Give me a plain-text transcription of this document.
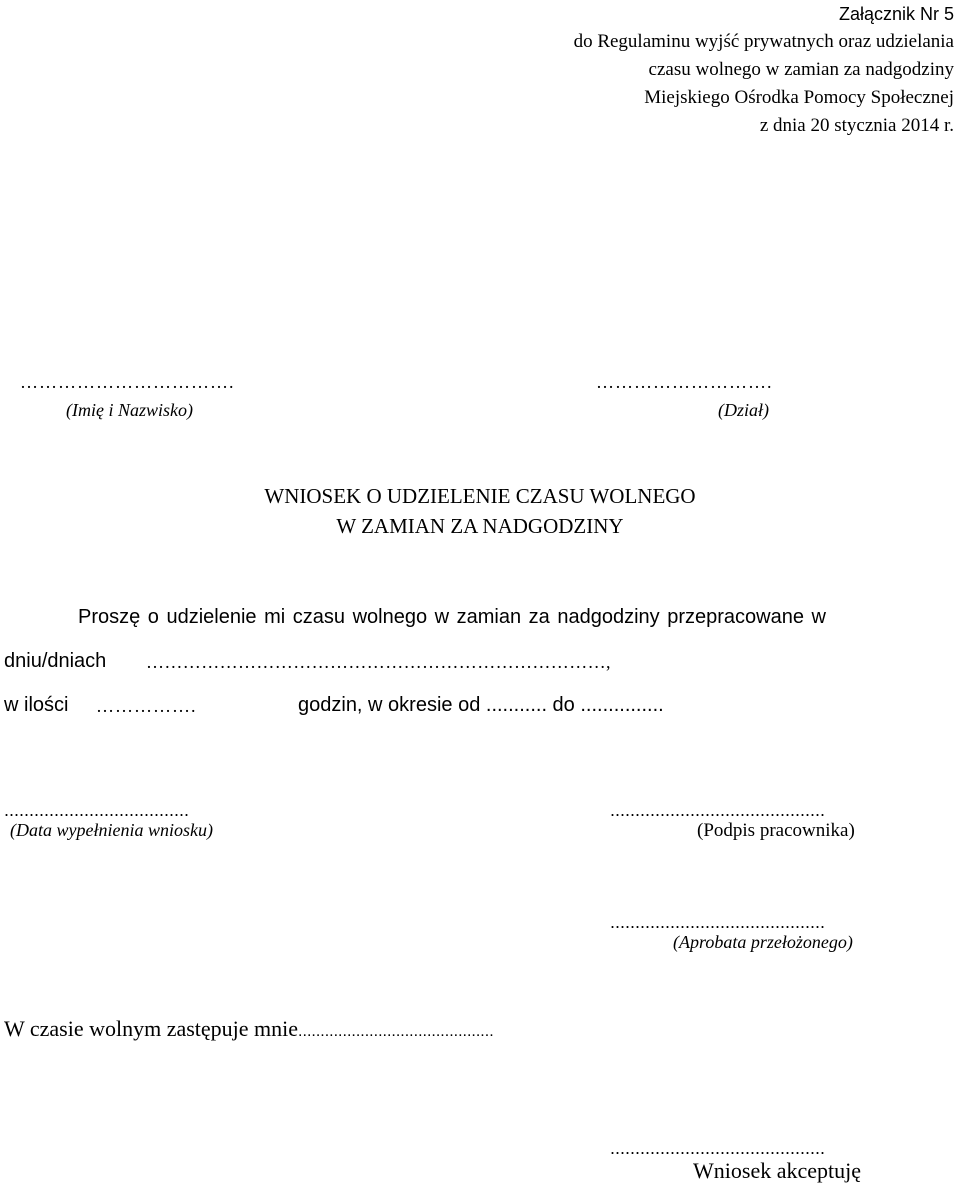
Załącznik Nr 5
do Regulaminu wyjść prywatnych oraz udzielania
czasu wolnego w zamian za nadgodziny
Miejskiego Ośrodka Pomocy Społecznej
z dnia 20 stycznia 2014 r.
…………………………….
(Imię i Nazwisko)
……………………….
(Dział)
WNIOSEK O UDZIELENIE CZASU WOLNEGO
W ZAMIAN ZA NADGODZINY
Proszę o udzielenie mi czasu wolnego w zamian za nadgodziny przepracowane w
dniu/dniach …………………………………………………………………,
w ilości …………….	godzin, w okresie od ........... do ...............
.....................................
(Data wypełnienia wniosku)
...........................................
(Podpis pracownika)
...........................................
(Aprobata przełożonego)
W czasie wolnym zastępuje mnie............................................
...........................................
Wniosek akceptuję
